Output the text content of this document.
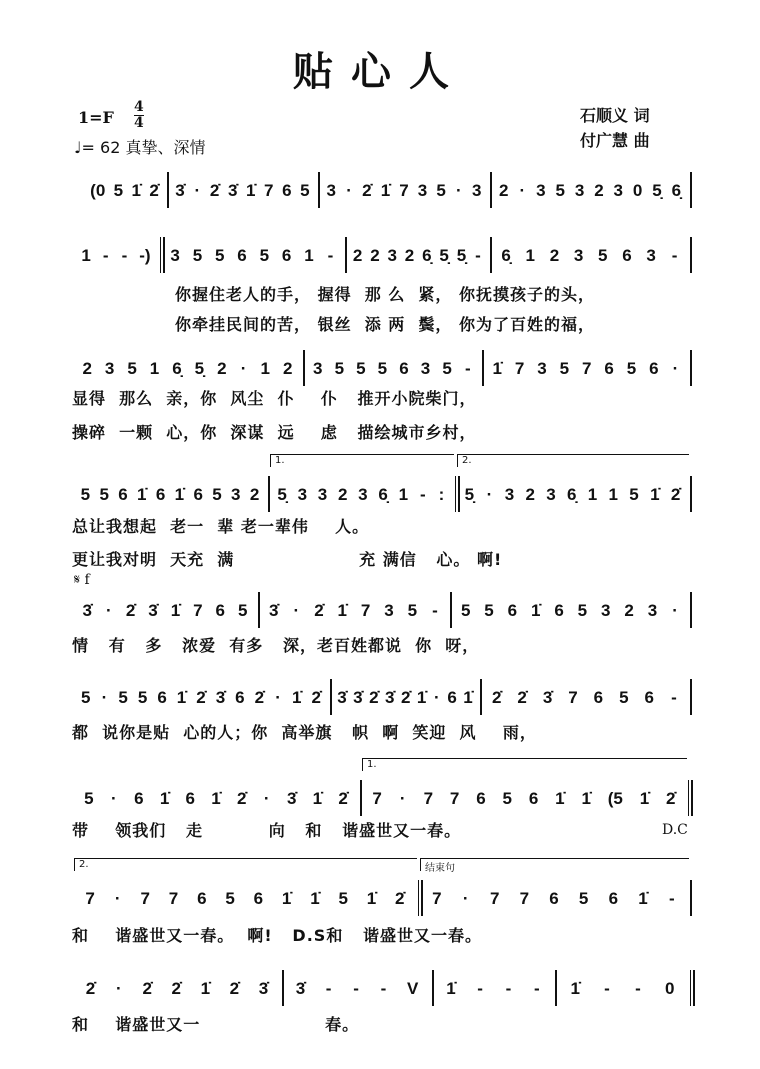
贴心人
1=F
4
4
♩= 62 真挚、深情
石顺义 词
付广慧 曲
(0 5 1̇ 2̇ 3̇ · 2̇ 3̇ 1̇ 7 6 5 3 · 2̇ 1̇ 7 3 5 · 3 2 · 3 5 3 2 3 0 5̣ 6̣
1 - - -) 3 5 5 6 5 6 1 - 2 2 3 2 6̣ 5̣ 5̣ - 6̣ 1 2 3 5 6 3 -
你握住老人的手， 握得  那 么  紧， 你抚摸孩子的头，
你牵挂民间的苦， 银丝  添 两  鬓， 你为了百姓的福，
2 3 5 1 6̣ 5̣ 2 · 1 2 3 5 5 5 6 3 5 - 1̇ 7 3 5 7 6 5 6 ·
显得  那么  亲，你  风尘  仆    仆   推开小院柴门，
操碎  一颗  心，你  深谋  远    虑   描绘城市乡村，
5 5 6 1̇ 6 1̇ 6 5 3 2 5̣ 3 3 2 3 6̣ 1 - :
1.
5̣ · 3 2 3 6̣ 1 1 5 1̇ 2̇
2.
总让我想起  老一  辈 老一辈伟    人。
更让我对明  天充  满                   充 满信   心。 啊!
3̇ · 2̇ 3̇ 1̇ 7 6 5 3̇ · 2̇ 1̇ 7 3 5 - 5 5 6 1̇ 6 5 3 2 3 ·
情   有   多   浓爱  有多   深，老百姓都说  你  呀，
𝄋 f
5 · 5 5 6 1̇ 2̇ 3̇ 6 2̇ · 1̇ 2̇ 3̇ 3̇ 2̇ 3̇ 2̇ 1̇ · 6 1̇ 2̇ 2̇ 3̇ 7 6 5 6 -
都  说你是贴  心的人；你  高举旗   帜  啊  笑迎  风    雨，
5 · 6 1̇ 6 1̇ 2̇ · 3̇ 1̇ 2̇ 7 · 7 7 6 5 6 1̇ 1̇ (5 1̇ 2̇
1.
带    领我们   走          向   和   谐盛世又一春。	D.C
7 · 7 7 6 5 6 1̇ 1̇ 5 1̇ 2̇
2.
7 · 7 7 6 5 6 1̇ -
结束句
和    谐盛世又一春。  啊!   D.S和   谐盛世又一春。
2̇ · 2̇ 2̇ 1̇ 2̇ 3̇ 3̇ - - - V 1̇ - - - 1̇ - - 0
和    谐盛世又一                   春。
